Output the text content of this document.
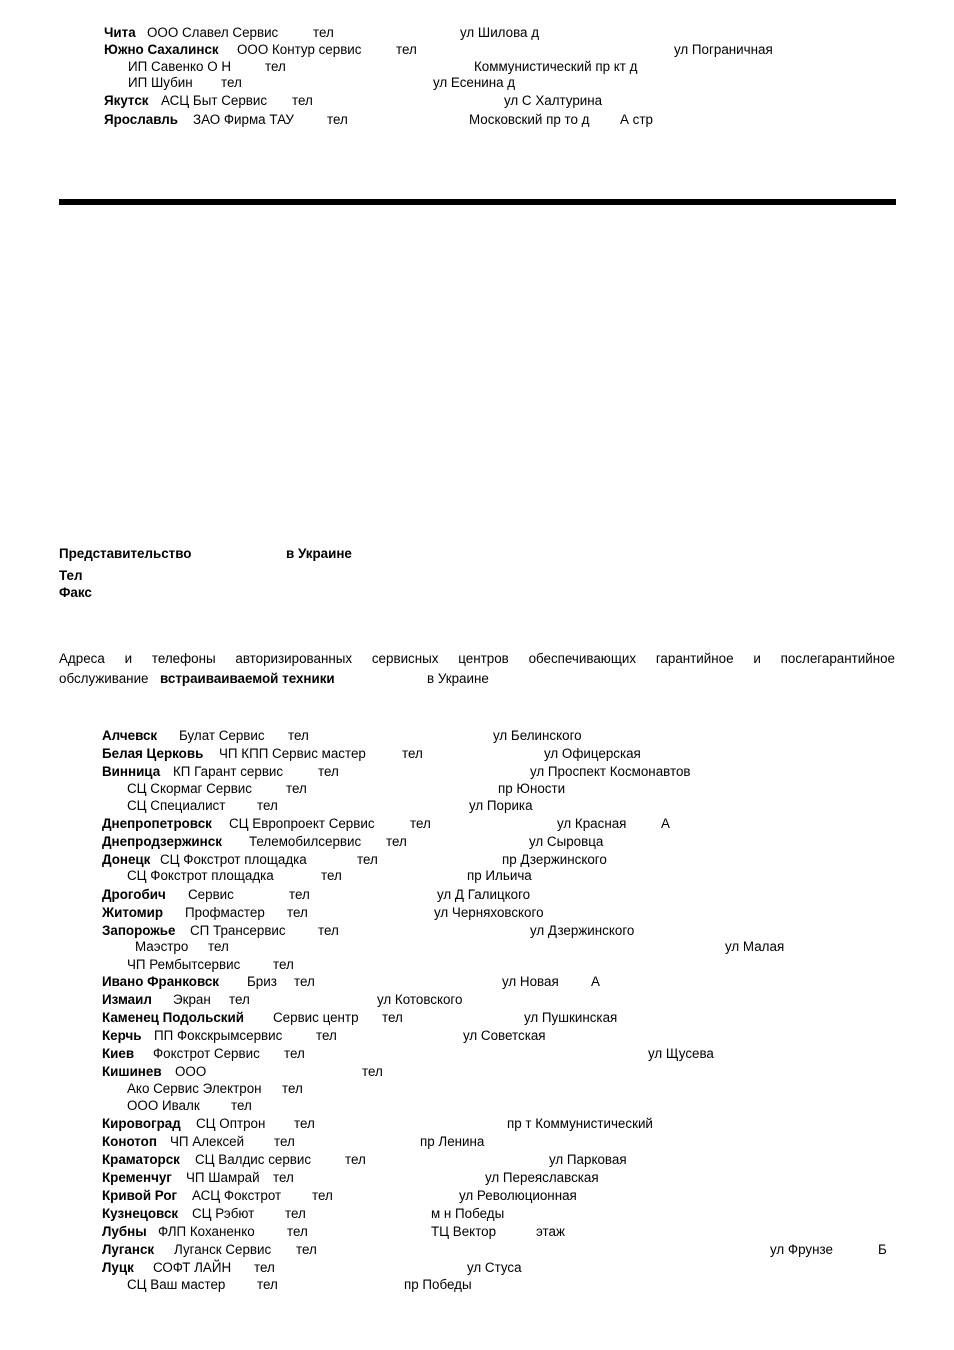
Чита ООО Славел Сервис	тел	ул Шилова д
Южно Сахалинск ООО Контур сервис	тел	ул Пограничная
ИП Савенко О Н	тел	Коммунистический пр кт д
ИП Шубин тел	ул Есенина д
Якутск АСЦ Быт Сервис тел	ул С Халтурина
Ярославль ЗАО Фирма ТАУ тел	Московский пр то д А стр
Представительство	в Украине
Тел
Факс
Адреса и телефоны авторизированных сервисных центров обеспечивающих гарантийное и послегарантийное
обслуживание встраиваиваемой техники	в Украине
Алчевск Булат Сервис тел	ул Белинского
Белая Церковь ЧП КПП Сервис мастер	тел	ул Офицерская
Винница КП Гарант сервис	тел	ул Проспект Космонавтов
СЦ Скормаг Сервис	тел	пр Юности
СЦ Специалист тел	ул Порика
Днепропетровск СЦ Европроект Сервис	тел	ул Красная	А
Днепродзержинск Телемобилсервис тел	ул Сыровца
Донецк СЦ Фокстрот площадка	тел	пр Дзержинского
СЦ Фокстрот площадка	тел	пр Ильича
Дрогобич Сервис	тел	ул Д Галицкого
Житомир Профмастер тел	ул Черняховского
Запорожье СП Трансервис тел	ул Дзержинского
Маэстро тел	ул Малая
ЧП Рембытсервис тел
Ивано Франковск Бриз тел	ул Новая А
Измаил Экран тел	ул Котовского
Каменец Подольский Сервис центр тел	ул Пушкинская
Керчь ПП Фокскрымсервис	тел	ул Советская
Киев Фокстрот Сервис тел	ул Щусева
Кишинев ООО	тел
Ако Сервис Электрон тел
ООО Ивалк тел
Кировоград СЦ Оптрон тел	пр т Коммунистический
Конотоп ЧП Алексей тел	пр Ленина
Краматорск СЦ Валдис сервис	тел	ул Парковая
Кременчуг ЧП Шамрай тел	ул Переяславская
Кривой Рог АСЦ Фокстрот тел	ул Революционная
Кузнецовск СЦ Рэбют тел	м н Победы
Лубны ФЛП Коханенко тел	ТЦ Вектор	этаж
Луганск Луганск Сервис тел	ул Фрунзе	Б
Луцк СОФТ ЛАЙН тел	ул Стуса
СЦ Ваш мастер тел	пр Победы
